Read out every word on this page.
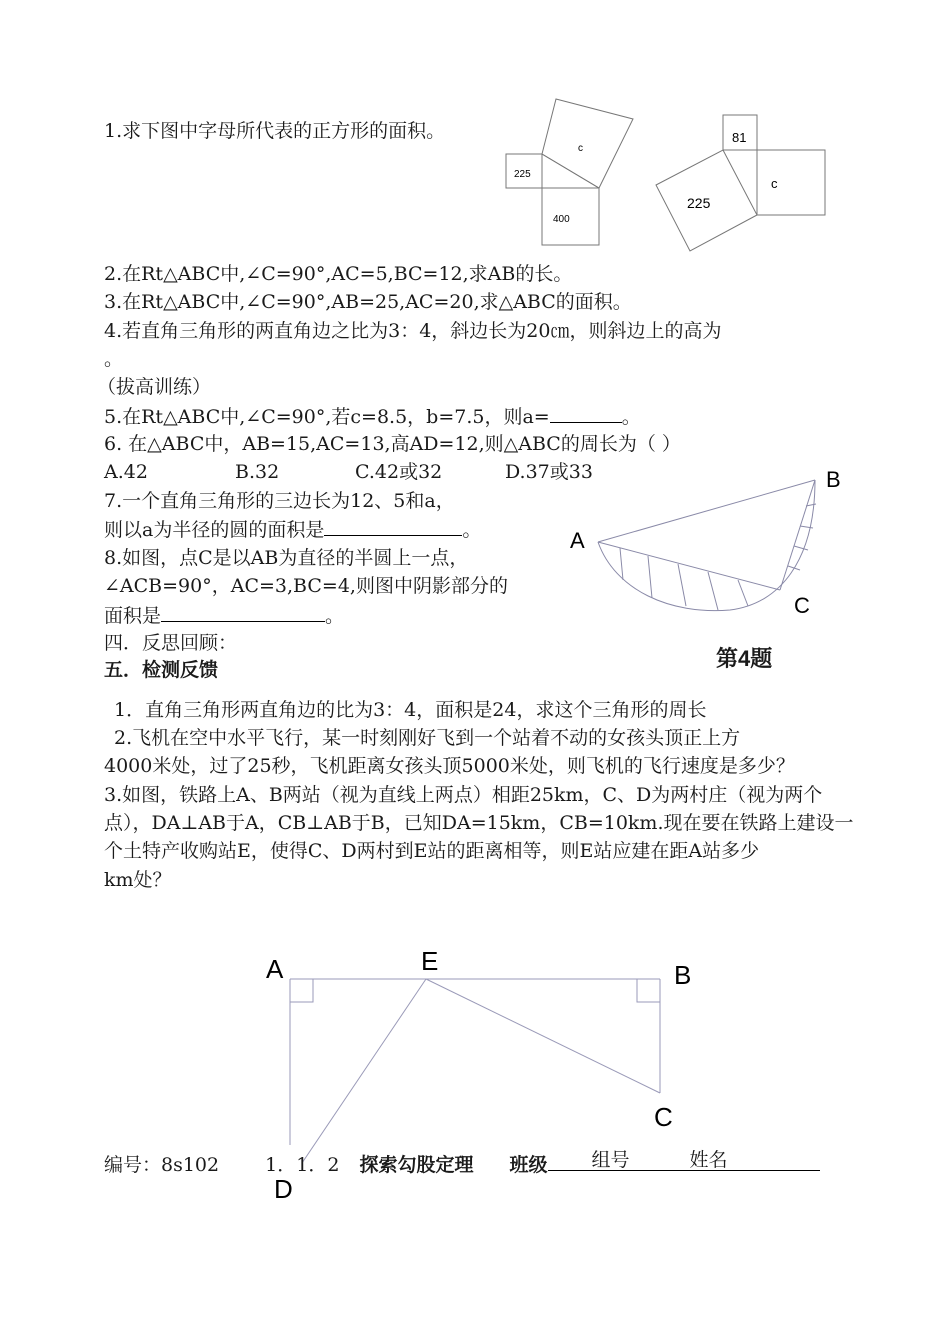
1.求下图中字母所代表的正方形的面积。
c
225
400
81
c
225
2.在Rt△ABC中,∠C=90°,AC=5,BC=12,求AB的长。
3.在Rt△ABC中,∠C=90°,AB=25,AC=20,求△ABC的面积。
4.若直角三角形的两直角边之比为3：4，斜边长为20㎝，则斜边上的高为
。
（拔高训练）
5.在Rt△ABC中,∠C=90°,若c=8.5，b=7.5，则a=	。
6. 在△ABC中，AB=15,AC=13,高AD=12,则△ABC的周长为（ ）
A.42	B.32	C.42或32	D.37或33
7.一个直角三角形的三边长为12、5和a，
则以a为半径的圆的面积是	。
8.如图，点C是以AB为直径的半圆上一点，
∠ACB=90°，AC=3,BC=4,则图中阴影部分的
面积是	。
A
B
C
第4题
四．反思回顾：
五．检测反馈
1．直角三角形两直角边的比为3：4，面积是24，求这个三角形的周长
2.飞机在空中水平飞行，某一时刻刚好飞到一个站着不动的女孩头顶正上方
4000米处，过了25秒，飞机距离女孩头顶5000米处，则飞机的飞行速度是多少？
3.如图，铁路上A、B两站（视为直线上两点）相距25km，C、D为两村庄（视为两个
点），DA⊥AB于A，CB⊥AB于B，已知DA=15km，CB=10km.现在要在铁路上建设一
个土特产收购站E，使得C、D两村到E站的距离相等，则E站应建在距A站多少
km处？
A	E	B
C
D
编号：8s102 1．1．2 探索勾股定理 班级 组号	姓名
